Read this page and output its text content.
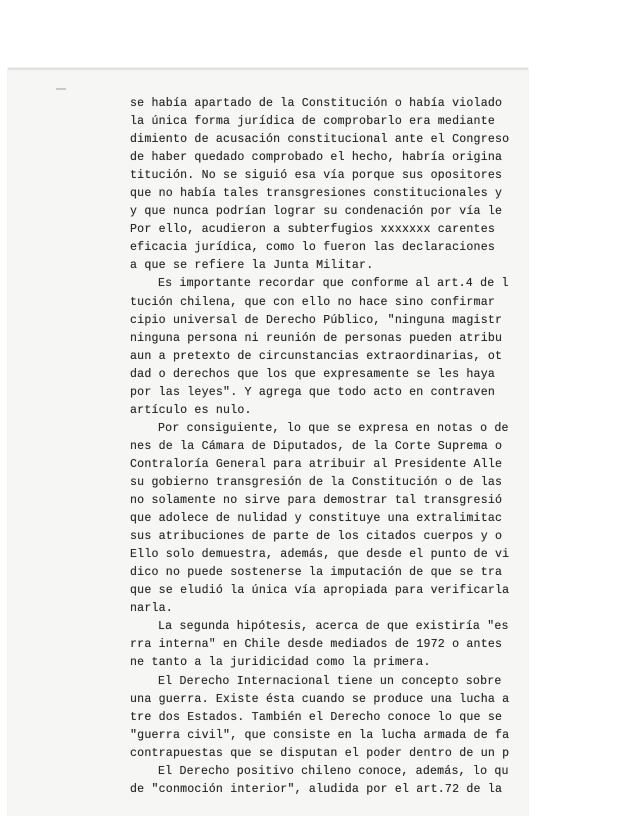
se había apartado de la Constitución o había violado
la única forma jurídica de comprobarlo era mediante
dimiento de acusación constitucional ante el Congreso
de haber quedado comprobado el hecho, habría origina
titución. No se siguió esa vía porque sus opositores
que no había tales transgresiones constitucionales y
y que nunca podrían lograr su condenación por vía le
Por ello, acudieron a subterfugios xxxxxxx carentes
eficacia jurídica, como lo fueron las declaraciones
a que se refiere la Junta Militar.
Es importante recordar que conforme al art.4 de l
tución chilena, que con ello no hace sino confirmar
cipio universal de Derecho Público, "ninguna magistr
ninguna persona ni reunión de personas pueden atribu
aun a pretexto de circunstancias extraordinarias, ot
dad o derechos que los que expresamente se les haya
por las leyes". Y agrega que todo acto en contraven
artículo es nulo.
Por consiguiente, lo que se expresa en notas o de
nes de la Cámara de Diputados, de la Corte Suprema o
Contraloría General para atribuir al Presidente Alle
su gobierno transgresión de la Constitución o de las
no solamente no sirve para demostrar tal transgresió
que adolece de nulidad y constituye una extralimitac
sus atribuciones de parte de los citados cuerpos y o
Ello solo demuestra, además, que desde el punto de vi
dico no puede sostenerse la imputación de que se tra
que se eludió la única vía apropiada para verificarla
narla.
La segunda hipótesis, acerca de que existiría "es
rra interna" en Chile desde mediados de 1972 o antes
ne tanto a la juridicidad como la primera.
El Derecho Internacional tiene un concepto sobre
una guerra. Existe ésta cuando se produce una lucha a
tre dos Estados. También el Derecho conoce lo que se
"guerra civil", que consiste en la lucha armada de fa
contrapuestas que se disputan el poder dentro de un p
El Derecho positivo chileno conoce, además, lo qu
de "conmoción interior", aludida por el art.72 de la
